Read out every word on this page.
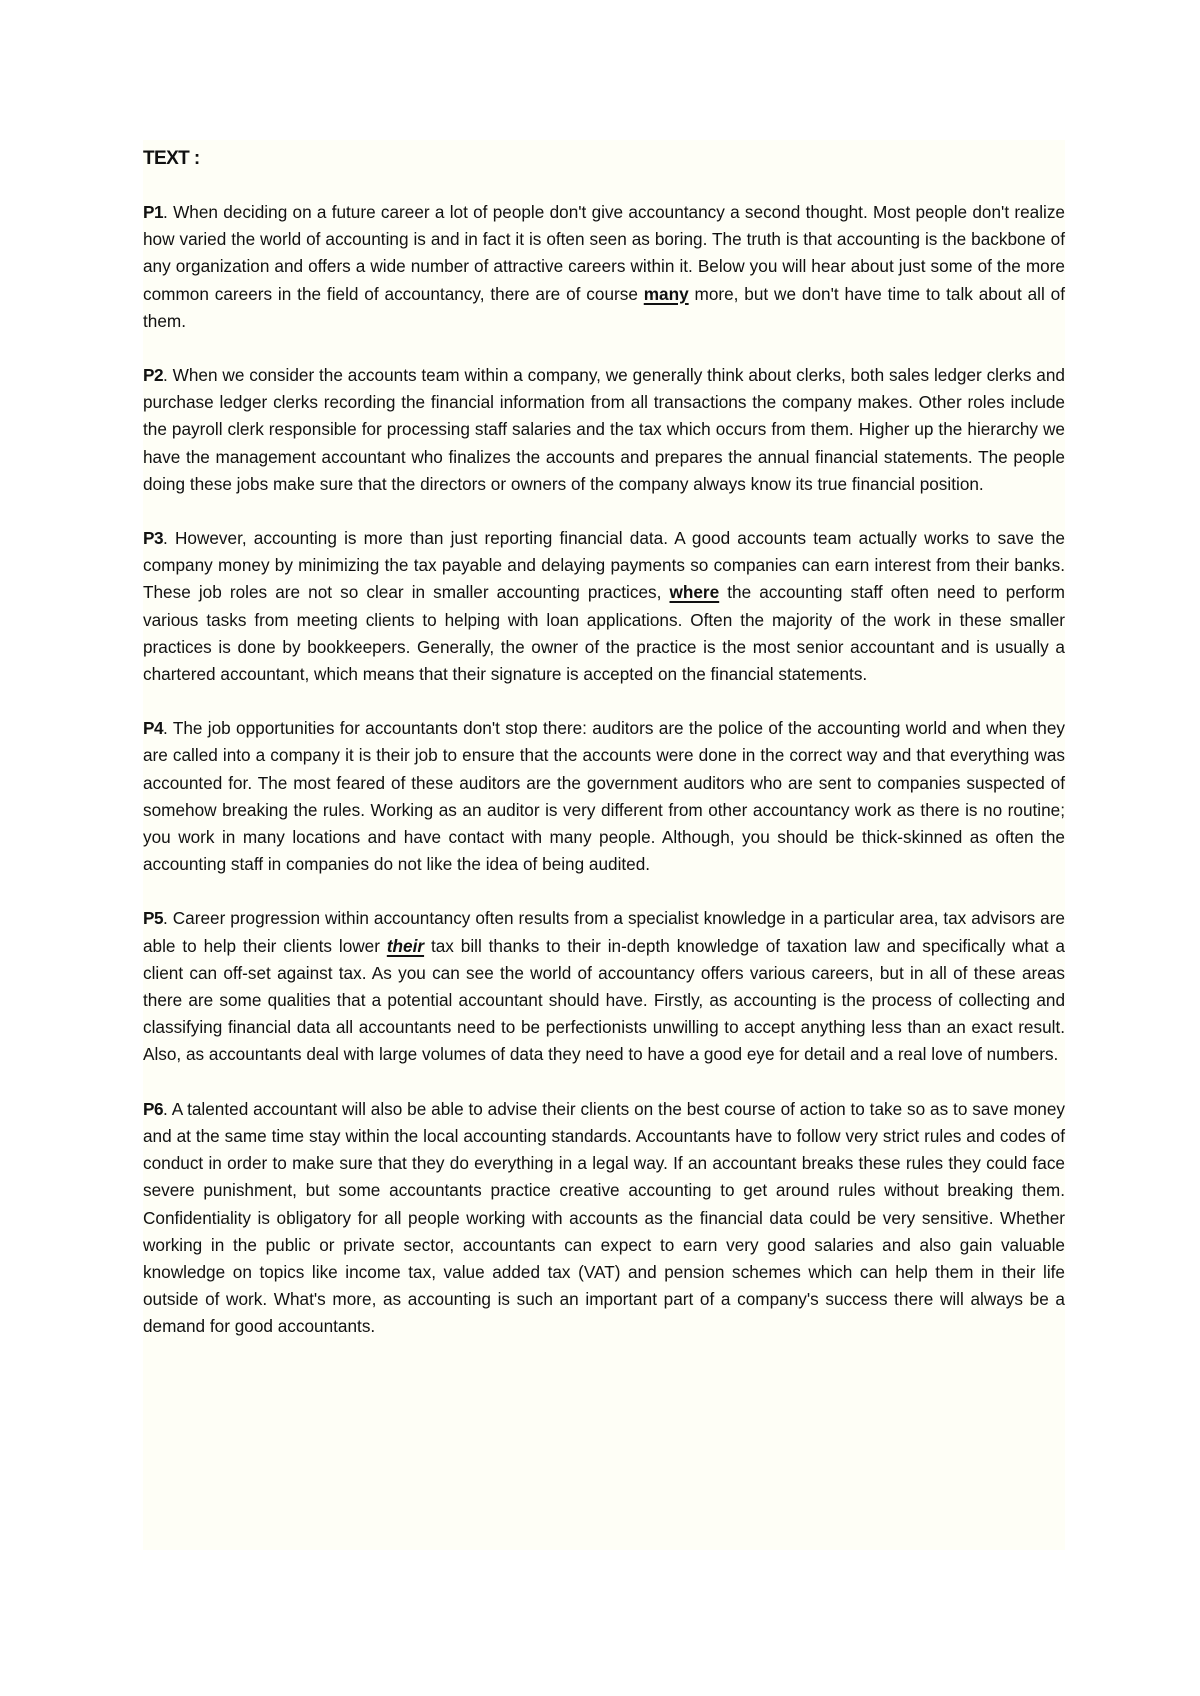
TEXT :

P1. When deciding on a future career a lot of people don't give accountancy a second thought. Most people don't realize how varied the world of accounting is and in fact it is often seen as boring. The truth is that accounting is the backbone of any organization and offers a wide number of attractive careers within it. Below you will hear about just some of the more common careers in the field of accountancy, there are of course many more, but we don't have time to talk about all of them.

P2. When we consider the accounts team within a company, we generally think about clerks, both sales ledger clerks and purchase ledger clerks recording the financial information from all transactions the company makes. Other roles include the payroll clerk responsible for processing staff salaries and the tax which occurs from them. Higher up the hierarchy we have the management accountant who finalizes the accounts and prepares the annual financial statements. The people doing these jobs make sure that the directors or owners of the company always know its true financial position.

P3. However, accounting is more than just reporting financial data. A good accounts team actually works to save the company money by minimizing the tax payable and delaying payments so companies can earn interest from their banks. These job roles are not so clear in smaller accounting practices, where the accounting staff often need to perform various tasks from meeting clients to helping with loan applications. Often the majority of the work in these smaller practices is done by bookkeepers. Generally, the owner of the practice is the most senior accountant and is usually a chartered accountant, which means that their signature is accepted on the financial statements.

P4. The job opportunities for accountants don't stop there: auditors are the police of the accounting world and when they are called into a company it is their job to ensure that the accounts were done in the correct way and that everything was accounted for. The most feared of these auditors are the government auditors who are sent to companies suspected of somehow breaking the rules. Working as an auditor is very different from other accountancy work as there is no routine; you work in many locations and have contact with many people. Although, you should be thick-skinned as often the accounting staff in companies do not like the idea of being audited.

P5. Career progression within accountancy often results from a specialist knowledge in a particular area, tax advisors are able to help their clients lower their tax bill thanks to their in-depth knowledge of taxation law and specifically what a client can off-set against tax. As you can see the world of accountancy offers various careers, but in all of these areas there are some qualities that a potential accountant should have. Firstly, as accounting is the process of collecting and classifying financial data all accountants need to be perfectionists unwilling to accept anything less than an exact result. Also, as accountants deal with large volumes of data they need to have a good eye for detail and a real love of numbers.

P6. A talented accountant will also be able to advise their clients on the best course of action to take so as to save money and at the same time stay within the local accounting standards. Accountants have to follow very strict rules and codes of conduct in order to make sure that they do everything in a legal way. If an accountant breaks these rules they could face severe punishment, but some accountants practice creative accounting to get around rules without breaking them. Confidentiality is obligatory for all people working with accounts as the financial data could be very sensitive. Whether working in the public or private sector, accountants can expect to earn very good salaries and also gain valuable knowledge on topics like income tax, value added tax (VAT) and pension schemes which can help them in their life outside of work. What's more, as accounting is such an important part of a company's success there will always be a demand for good accountants.
